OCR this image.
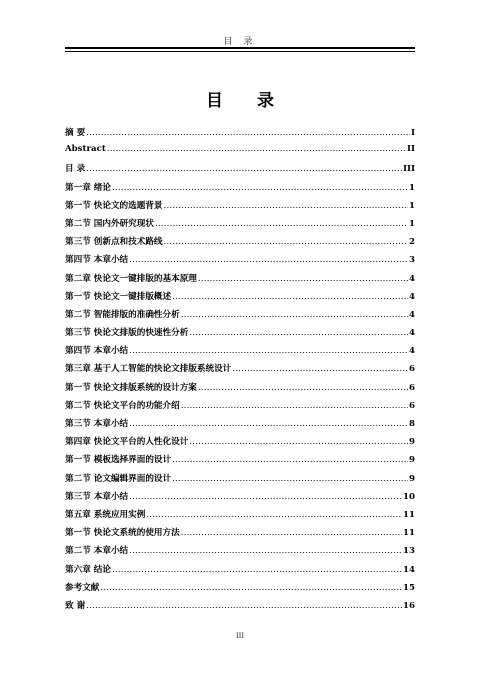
目 录
目 录
摘 要 .....	I
Abstract .....	II
目 录 .....	III
第一章 绪论 .....	1
第一节 快论文的选题背景 .....	1
第二节 国内外研究现状 .....	1
第三节 创新点和技术路线 .....	2
第四节 本章小结 .....	3
第二章 快论文一键排版的基本原理 .....	4
第一节 快论文一键排版概述 .....	4
第二节 智能排版的准确性分析 .....	4
第三节 快论文排版的快速性分析 .....	4
第四节 本章小结 .....	4
第三章 基于人工智能的快论文排版系统设计 .....	6
第一节 快论文排版系统的设计方案 .....	6
第二节 快论文平台的功能介绍 .....	6
第三节 本章小结 .....	8
第四章 快论文平台的人性化设计 .....	9
第一节 模板选择界面的设计 .....	9
第二节 论文编辑界面的设计 .....	9
第三节 本章小结 .....	10
第五章 系统应用实例 .....	11
第一节 快论文系统的使用方法 .....	11
第二节 本章小结 .....	13
第六章 结论 .....	14
参考文献 .....	15
致 谢 .....	16
III
